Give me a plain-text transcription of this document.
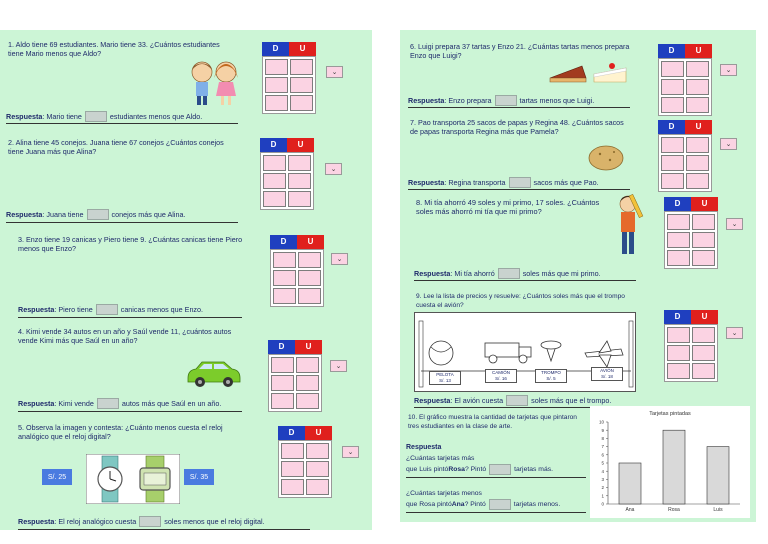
1. Aldo tiene 69 estudiantes. Mario tiene 33. ¿Cuántos estudiantes tiene Mario menos que Aldo?
D	U
⌄
Respuesta : Mario tiene	estudiantes menos que Aldo.
2. Alina tiene 45 conejos. Juana tiene 67 conejos ¿Cuántos conejos tiene Juana más que Alina?
D	U
⌄
Respuesta : Juana tiene	conejos más que Alina.
3. Enzo tiene 19 canicas y Piero tiene 9. ¿Cuántas canicas tiene Piero menos que Enzo?
D	U
⌄
Respuesta : Piero tiene	canicas menos que Enzo.
4. Kimi vende 34 autos en un año y Saúl vende 11, ¿cuántos autos vende Kimi más que Saúl en un año?
D	U
⌄
Respuesta : Kimi vende	autos más que Saúl en un año.
5. Observa la imagen y contesta: ¿Cuánto menos cuesta el reloj analógico que el reloj digital?
S/. 25	S/. 35
D	U
⌄
Respuesta : El reloj analógico cuesta	soles menos que el reloj digital.
6. Luigi prepara 37 tartas y Enzo 21. ¿Cuántas tartas menos prepara Enzo que Luigi?
D	U
⌄
Respuesta : Enzo prepara	tartas menos que Luigi.
7. Pao transporta 25 sacos de papas y Regina 48. ¿Cuántos sacos de papas transporta Regina más que Pamela?
D	U
⌄
Respuesta : Regina transporta	sacos más que Pao.
8. Mi tía ahorró 49 soles y mi primo, 17 soles. ¿Cuántos soles más ahorró mi tía que mi primo?
D	U
⌄
Respuesta : Mi tía ahorró	soles más que mi primo.
9. Lee la lista de precios y resuelve: ¿Cuántos soles más que el trompo cuesta el avión?
PELOTA
S/. 13
CAMIÓN
S/. 16
TROMPO
S/. 5
AVIÓN
S/. 18
D	U
⌄
Respuesta : El avión cuesta	soles más que el trompo.
10. El gráfico muestra la cantidad de tarjetas que pintaron tres estudiantes en la clase de arte.
Respuesta
¿Cuántas tarjetas más
que Luis pintó Rosa ? Pintó	tarjetas más.
¿Cuántas tarjetas menos
que Rosa pintó Ana ? Pintó	tarjetas menos.
Tarjetas pintadas
0
1
2
3
4
5
6
7
8
9
10
Ana	Rosa	Luis
